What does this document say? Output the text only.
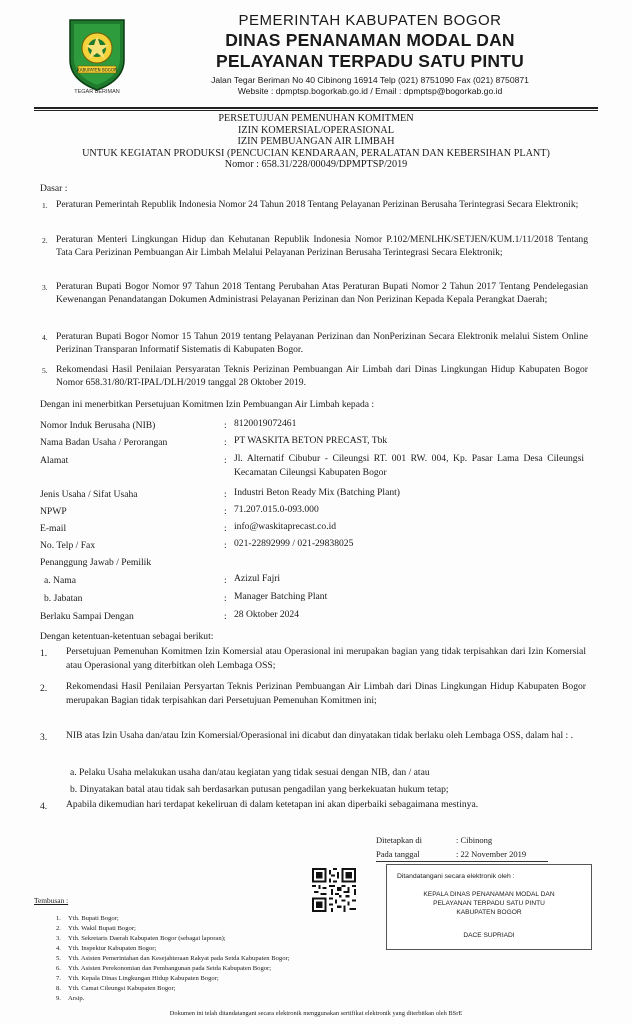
KABUPATEN BOGOR
TEGAR BERIMAN
PEMERINTAH KABUPATEN BOGOR
DINAS PENANAMAN MODAL DAN
PELAYANAN TERPADU SATU PINTU
Jalan Tegar Beriman No 40 Cibinong 16914 Telp (021) 8751090 Fax (021) 8750871
Website : dpmptsp.bogorkab.go.id / Email : dpmptsp@bogorkab.go.id
PERSETUJUAN PEMENUHAN KOMITMEN
IZIN KOMERSIAL/OPERASIONAL
IZIN PEMBUANGAN AIR LIMBAH
UNTUK KEGIATAN PRODUKSI (PENCUCIAN KENDARAAN, PERALATAN DAN KEBERSIHAN PLANT)
Nomor : 658.31/228/00049/DPMPTSP/2019
Dasar :
1. Peraturan Pemerintah Republik Indonesia Nomor 24 Tahun 2018 Tentang Pelayanan Perizinan Berusaha Terintegrasi Secara Elektronik;
2. Peraturan Menteri Lingkungan Hidup dan Kehutanan Republik Indonesia Nomor P.102/MENLHK/SETJEN/KUM.1/11/2018 Tentang Tata Cara Perizinan Pembuangan Air Limbah Melalui Pelayanan Perizinan Berusaha Terintegrasi Secara Elektronik;
3. Peraturan Bupati Bogor Nomor 97 Tahun 2018 Tentang Perubahan Atas Peraturan Bupati Nomor 2 Tahun 2017 Tentang Pendelegasian Kewenangan Penandatangan Dokumen Administrasi Pelayanan Perizinan dan Non Perizinan Kepada Kepala Perangkat Daerah;
4. Peraturan Bupati Bogor Nomor 15 Tahun 2019 tentang Pelayanan Perizinan dan NonPerizinan Secara Elektronik melalui Sistem Online Perizinan Transparan Informatif Sistematis di Kabupaten Bogor.
5. Rekomendasi Hasil Penilaian Persyaratan Teknis Perizinan Pembuangan Air Limbah dari Dinas Lingkungan Hidup Kabupaten Bogor Nomor 658.31/80/RT-IPAL/DLH/2019 tanggal 28 Oktober 2019.
Dengan ini menerbitkan Persetujuan Komitmen Izin Pembuangan Air Limbah kepada :
Nomor Induk Berusaha (NIB)	: 8120019072461
Nama Badan Usaha / Perorangan	: PT WASKITA BETON PRECAST, Tbk
Alamat	: Jl. Alternatif Cibubur - Cileungsi RT. 001 RW. 004, Kp. Pasar Lama Desa Cileungsi Kecamatan Cileungsi Kabupaten Bogor
Jenis Usaha / Sifat Usaha	: Industri Beton Ready Mix (Batching Plant)
NPWP	: 71.207.015.0-093.000
E-mail	: info@waskitaprecast.co.id
No. Telp / Fax	: 021-22892999 / 021-29838025
Penanggung Jawab / Pemilik
a. Nama	: Azizul Fajri
b. Jabatan	: Manager Batching Plant
Berlaku Sampai Dengan	: 28 Oktober 2024
Dengan ketentuan-ketentuan sebagai berikut:
1. Persetujuan Pemenuhan Komitmen Izin Komersial atau Operasional ini merupakan bagian yang tidak terpisahkan dari Izin Komersial atau Operasional yang diterbitkan oleh Lembaga OSS;
2. Rekomendasi Hasil Penilaian Persyartan Teknis Perizinan Pembuangan Air Limbah dari Dinas Lingkungan Hidup Kabupaten Bogor merupakan Bagian tidak terpisahkan dari Persetujuan Pemenuhan Komitmen ini;
3. NIB atas Izin Usaha dan/atau Izin Komersial/Operasional ini dicabut dan dinyatakan tidak berlaku oleh Lembaga OSS, dalam hal : .
a. Pelaku Usaha melakukan usaha dan/atau kegiatan yang tidak sesuai dengan NIB, dan / atau
b. Dinyatakan batal atau tidak sah berdasarkan putusan pengadilan yang berkekuatan hukum tetap;
4. Apabila dikemudian hari terdapat kekeliruan di dalam ketetapan ini akan diperbaiki sebagaimana mestinya.
Ditetapkan di	: Cibinong
Pada tanggal	: 22 November 2019
Ditandatangani secara elektronik oleh :
KEPALA DINAS PENANAMAN MODAL DAN
PELAYANAN TERPADU SATU PINTU
KABUPATEN BOGOR
DACE SUPRIADI
Tembusan :
1. Yth. Bupati Bogor;
2. Yth. Wakil Bupati Bogor;
3. Yth. Sekretaris Daerah Kabupaten Bogor (sebagai laporan);
4. Yth. Inspektur Kabupaten Bogor;
5. Yth. Asisten Pemerintahan dan Kesejahteraan Rakyat pada Setda Kabupaten Bogor;
6. Yth. Asisten Perekonomian dan Pembangunan pada Setda Kabupaten Bogor;
7. Yth. Kepala Dinas Lingkungan Hidup Kabupaten Bogor;
8. Yth. Camat Cileungsi Kabupaten Bogor;
9. Arsip.
Dokumen ini telah ditandatangani secara elektronik menggunakan sertifikat elektronik yang diterbitkan oleh BSrE
